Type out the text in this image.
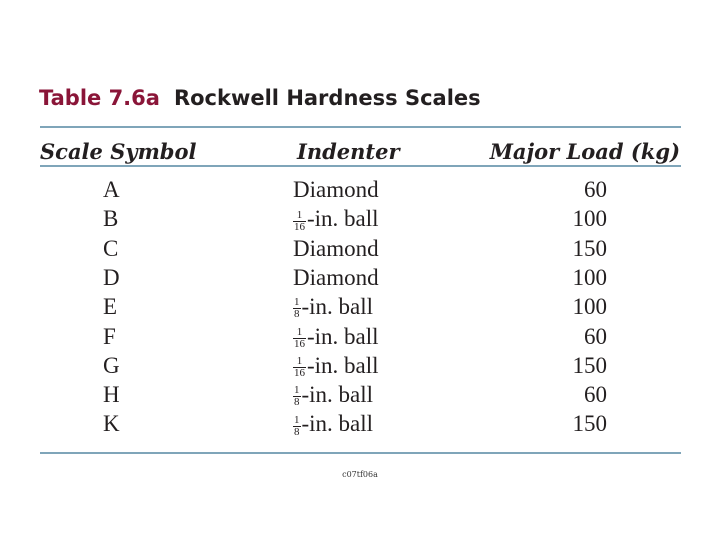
Table 7.6a Rockwell Hardness Scales
Scale Symbol	Indenter	Major Load (kg)
A	Diamond	60
B	$\frac{1}{16} -in$. ball	100
C	Diamond	150
D	Diamond	100
E	$\frac{1}{8} -in$. ball	100
F	$\frac{1}{16} -in$. ball	60
G	$\frac{1}{16} -in$. ball	150
H	$\frac{1}{8} -in$. ball	60
K	$\frac{1}{8} -in$. ball	150
c07tf06a
